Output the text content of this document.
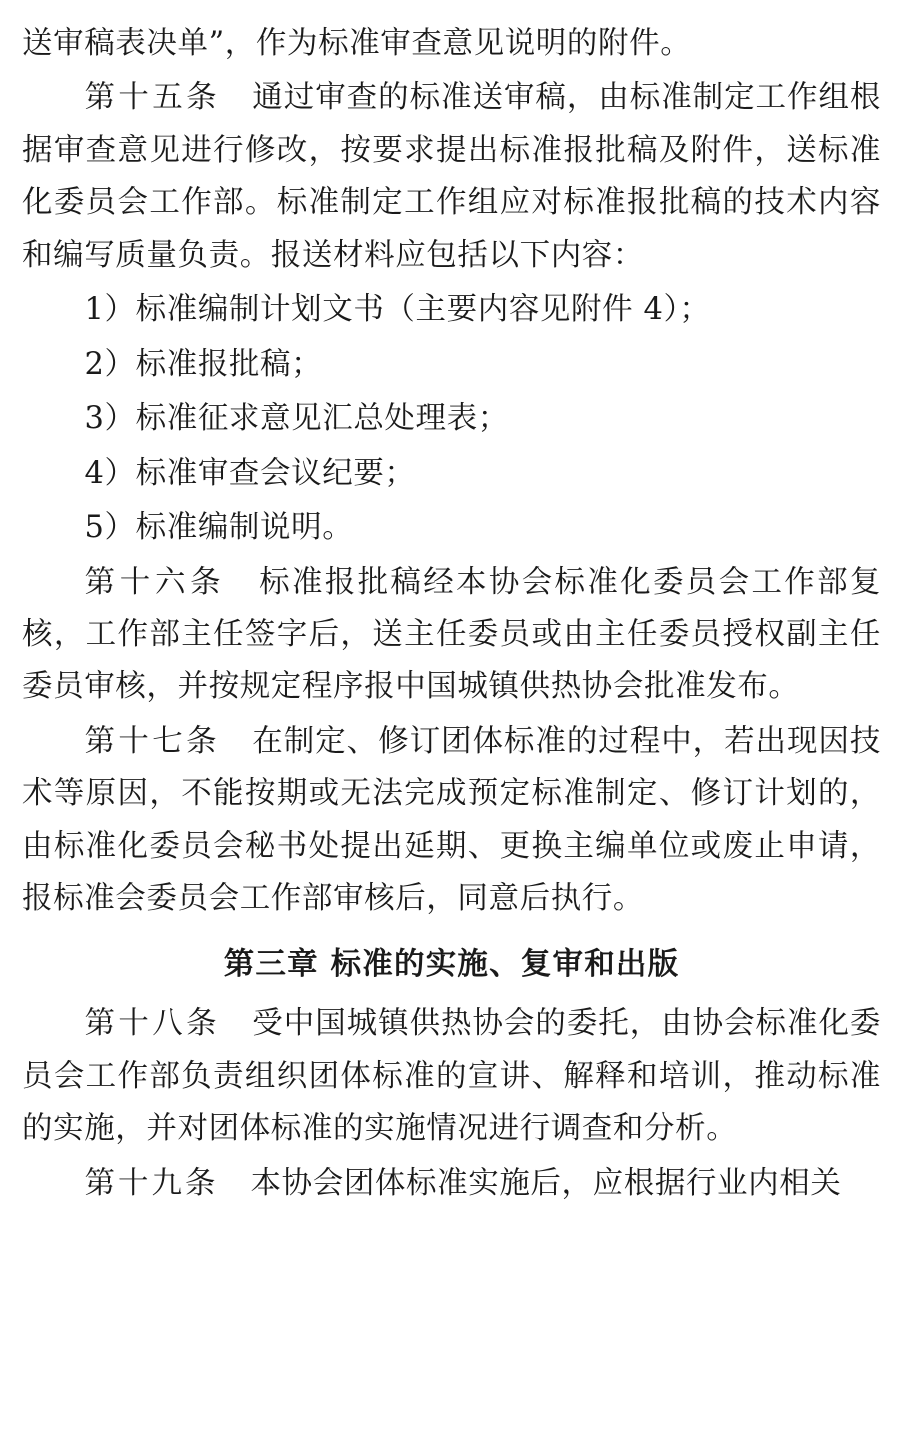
送审稿表决单”，作为标准审查意见说明的附件。

第十五条 通过审查的标准送审稿，由标准制定工作组根据审查意见进行修改，按要求提出标准报批稿及附件，送标准化委员会工作部。标准制定工作组应对标准报批稿的技术内容和编写质量负责。报送材料应包括以下内容：

1）标准编制计划文书（主要内容见附件 4）；

2）标准报批稿；

3）标准征求意见汇总处理表；

4）标准审查会议纪要；

5）标准编制说明。

第十六条 标准报批稿经本协会标准化委员会工作部复核，工作部主任签字后，送主任委员或由主任委员授权副主任委员审核，并按规定程序报中国城镇供热协会批准发布。

第十七条 在制定、修订团体标准的过程中，若出现因技术等原因，不能按期或无法完成预定标准制定、修订计划的，由标准化委员会秘书处提出延期、更换主编单位或废止申请，报标准会委员会工作部审核后，同意后执行。

第三章 标准的实施、复审和出版

第十八条 受中国城镇供热协会的委托，由协会标准化委员会工作部负责组织团体标准的宣讲、解释和培训，推动标准的实施，并对团体标准的实施情况进行调查和分析。

第十九条 本协会团体标准实施后，应根据行业内相关
